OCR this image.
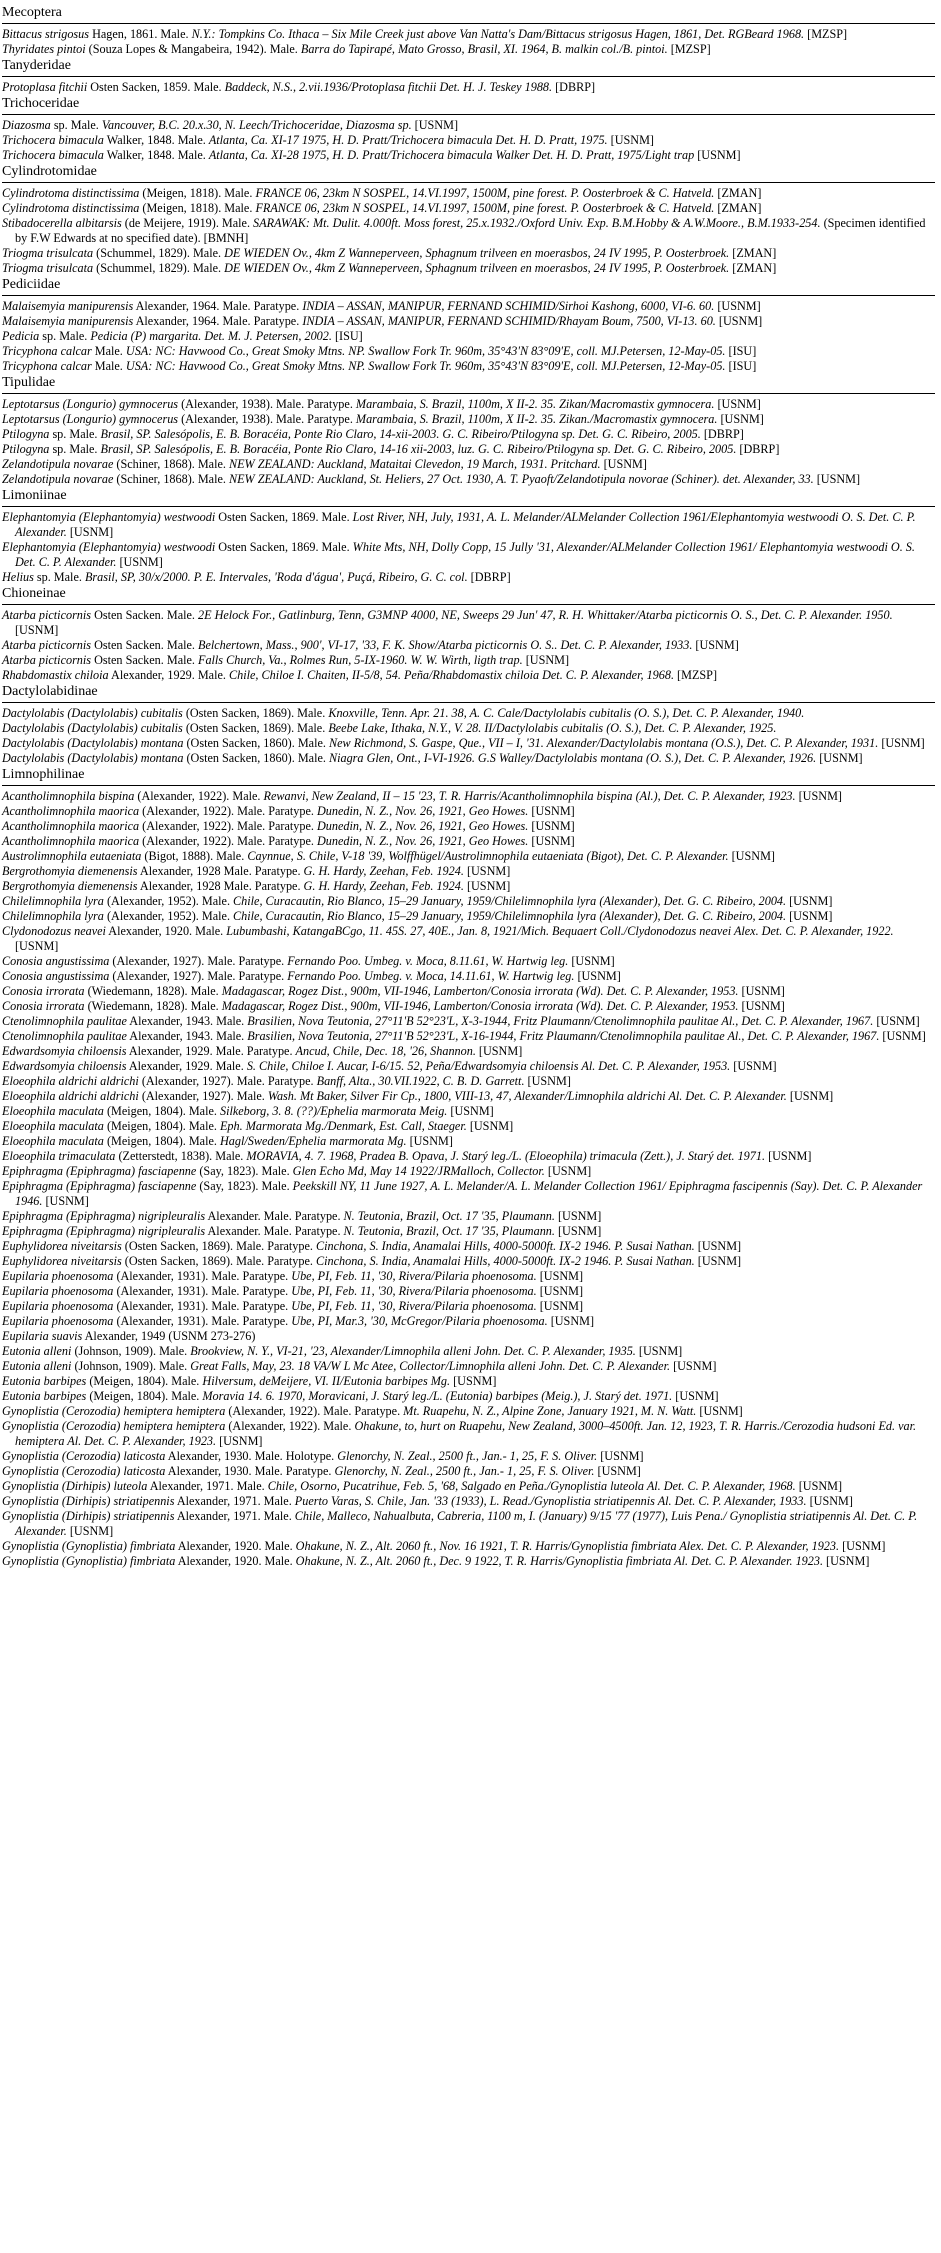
Mecoptera
Bittacus strigosus Hagen, 1861. Male. N.Y.: Tompkins Co. Ithaca – Six Mile Creek just above Van Natta's Dam/Bittacus strigosus Hagen, 1861, Det. RGBeard 1968. [MZSP]
Thyridates pintoi (Souza Lopes & Mangabeira, 1942). Male. Barra do Tapirapé, Mato Grosso, Brasil, XI. 1964, B. malkin col./B. pintoi. [MZSP]
Tanyderidae
Protoplasa fitchii Osten Sacken, 1859. Male. Baddeck, N.S., 2.vii.1936/Protoplasa fitchii Det. H. J. Teskey 1988. [DBRP]
Trichoceridae
Diazosma sp. Male. Vancouver, B.C. 20.x.30, N. Leech/Trichoceridae, Diazosma sp. [USNM]
Trichocera bimacula Walker, 1848. Male. Atlanta, Ca. XI-17 1975, H. D. Pratt/Trichocera bimacula Det. H. D. Pratt, 1975. [USNM]
Trichocera bimacula Walker, 1848. Male. Atlanta, Ca. XI-28 1975, H. D. Pratt/Trichocera bimacula Walker Det. H. D. Pratt, 1975/Light trap [USNM]
Cylindrotomidae
Cylindrotoma distinctissima (Meigen, 1818). Male. FRANCE 06, 23km N SOSPEL, 14.VI.1997, 1500M, pine forest. P. Oosterbroek & C. Hatveld. [ZMAN]
Cylindrotoma distinctissima (Meigen, 1818). Male. FRANCE 06, 23km N SOSPEL, 14.VI.1997, 1500M, pine forest. P. Oosterbroek & C. Hatveld. [ZMAN]
Stibadocerella albitarsis (de Meijere, 1919). Male. SARAWAK: Mt. Dulit. 4.000ft. Moss forest, 25.x.1932./Oxford Univ. Exp. B.M.Hobby & A.W.Moore., B.M.1933-254. (Specimen identified by F.W Edwards at no specified date). [BMNH]
Triogma trisulcata (Schummel, 1829). Male. DE WIEDEN Ov., 4km Z Wanneperveen, Sphagnum trilveen en moerasbos, 24 IV 1995, P. Oosterbroek. [ZMAN]
Triogma trisulcata (Schummel, 1829). Male. DE WIEDEN Ov., 4km Z Wanneperveen, Sphagnum trilveen en moerasbos, 24 IV 1995, P. Oosterbroek. [ZMAN]
Pediciidae
Malaisemyia manipurensis Alexander, 1964. Male. Paratype. INDIA – ASSAN, MANIPUR, FERNAND SCHIMID/Sirhoi Kashong, 6000, VI-6. 60. [USNM]
Malaisemyia manipurensis Alexander, 1964. Male. Paratype. INDIA – ASSAN, MANIPUR, FERNAND SCHIMID/Rhayam Boum, 7500, VI-13. 60. [USNM]
Pedicia sp. Male. Pedicia (P) margarita. Det. M. J. Petersen, 2002. [ISU]
Tricyphona calcar Male. USA: NC: Havwood Co., Great Smoky Mtns. NP. Swallow Fork Tr. 960m, 35°43'N 83°09'E, coll. MJ.Petersen, 12-May-05. [ISU]
Tricyphona calcar Male. USA: NC: Havwood Co., Great Smoky Mtns. NP. Swallow Fork Tr. 960m, 35°43'N 83°09'E, coll. MJ.Petersen, 12-May-05. [ISU]
Tipulidae
Leptotarsus (Longurio) gymnocerus (Alexander, 1938). Male. Paratype. Marambaia, S. Brazil, 1100m, X II-2. 35. Zikan/Macromastix gymnocera. [USNM]
Leptotarsus (Longurio) gymnocerus (Alexander, 1938). Male. Paratype. Marambaia, S. Brazil, 1100m, X II-2. 35. Zikan./Macromastix gymnocera. [USNM]
Ptilogyna sp. Male. Brasil, SP. Salesópolis, E. B. Boracéia, Ponte Rio Claro, 14-xii-2003. G. C. Ribeiro/Ptilogyna sp. Det. G. C. Ribeiro, 2005. [DBRP]
Ptilogyna sp. Male. Brasil, SP. Salesópolis, E. B. Boracéia, Ponte Rio Claro, 14-16 xii-2003, luz. G. C. Ribeiro/Ptilogyna sp. Det. G. C. Ribeiro, 2005. [DBRP]
Zelandotipula novarae (Schiner, 1868). Male. NEW ZEALAND: Auckland, Mataitai Clevedon, 19 March, 1931. Pritchard. [USNM]
Zelandotipula novarae (Schiner, 1868). Male. NEW ZEALAND: Auckland, St. Heliers, 27 Oct. 1930, A. T. Pyaoft/Zelandotipula novorae (Schiner). det. Alexander, 33. [USNM]
Limoniinae
Elephantomyia (Elephantomyia) westwoodi Osten Sacken, 1869. Male. Lost River, NH, July, 1931, A. L. Melander/ALMelander Collection 1961/Elephantomyia westwoodi O. S. Det. C. P. Alexander. [USNM]
Elephantomyia (Elephantomyia) westwoodi Osten Sacken, 1869. Male. White Mts, NH, Dolly Copp, 15 Jully '31, Alexander/ALMelander Collection 1961/ Elephantomyia westwoodi O. S. Det. C. P. Alexander. [USNM]
Helius sp. Male. Brasil, SP, 30/x/2000. P. E. Intervales, 'Roda d'água', Puçá, Ribeiro, G. C. col. [DBRP]
Chioneinae
Atarba picticornis Osten Sacken. Male. 2E Helock For., Gatlinburg, Tenn, G3MNP 4000, NE, Sweeps 29 Jun' 47, R. H. Whittaker/Atarba picticornis O. S., Det. C. P. Alexander. 1950. [USNM]
Atarba picticornis Osten Sacken. Male. Belchertown, Mass., 900', VI-17, '33, F. K. Show/Atarba picticornis O. S.. Det. C. P. Alexander, 1933. [USNM]
Atarba picticornis Osten Sacken. Male. Falls Church, Va., Rolmes Run, 5-IX-1960. W. W. Wirth, ligth trap. [USNM]
Rhabdomastix chiloia Alexander, 1929. Male. Chile, Chiloe I. Chaiten, II-5/8, 54. Peña/Rhabdomastix chiloia Det. C. P. Alexander, 1968. [MZSP]
Dactylolabidinae
Dactylolabis (Dactylolabis) cubitalis (Osten Sacken, 1869). Male. Knoxville, Tenn. Apr. 21. 38, A. C. Cale/Dactylolabis cubitalis (O. S.), Det. C. P. Alexander, 1940.
Dactylolabis (Dactylolabis) cubitalis (Osten Sacken, 1869). Male. Beebe Lake, Ithaka, N.Y., V. 28. II/Dactylolabis cubitalis (O. S.), Det. C. P. Alexander, 1925.
Dactylolabis (Dactylolabis) montana (Osten Sacken, 1860). Male. New Richmond, S. Gaspe, Que., VII – I, '31. Alexander/Dactylolabis montana (O.S.), Det. C. P. Alexander, 1931. [USNM]
Dactylolabis (Dactylolabis) montana (Osten Sacken, 1860). Male. Niagra Glen, Ont., I-VI-1926. G.S Walley/Dactylolabis montana (O. S.), Det. C. P. Alexander, 1926. [USNM]
Limnophilinae
Acantholimnophila bispina (Alexander, 1922). Male. Rewanvi, New Zealand, II – 15 '23, T. R. Harris/Acantholimnophila bispina (Al.), Det. C. P. Alexander, 1923. [USNM]
Acantholimnophila maorica (Alexander, 1922). Male. Paratype. Dunedin, N. Z., Nov. 26, 1921, Geo Howes. [USNM]
Acantholimnophila maorica (Alexander, 1922). Male. Paratype. Dunedin, N. Z., Nov. 26, 1921, Geo Howes. [USNM]
Acantholimnophila maorica (Alexander, 1922). Male. Paratype. Dunedin, N. Z., Nov. 26, 1921, Geo Howes. [USNM]
Austrolimnophila eutaeniata (Bigot, 1888). Male. Caynnue, S. Chile, V-18 '39, Wolffhügel/Austrolimnophila eutaeniata (Bigot), Det. C. P. Alexander. [USNM]
Bergrothomyia diemenensis Alexander, 1928 Male. Paratype. G. H. Hardy, Zeehan, Feb. 1924. [USNM]
Bergrothomyia diemenensis Alexander, 1928 Male. Paratype. G. H. Hardy, Zeehan, Feb. 1924. [USNM]
Chilelimnophila lyra (Alexander, 1952). Male. Chile, Curacautin, Rio Blanco, 15–29 January, 1959/Chilelimnophila lyra (Alexander), Det. G. C. Ribeiro, 2004. [USNM]
Chilelimnophila lyra (Alexander, 1952). Male. Chile, Curacautin, Rio Blanco, 15–29 January, 1959/Chilelimnophila lyra (Alexander), Det. G. C. Ribeiro, 2004. [USNM]
Clydonodozus neavei Alexander, 1920. Male. Lubumbashi, KatangaBCgo, 11. 45S. 27, 40E., Jan. 8, 1921/Mich. Bequaert Coll./Clydonodozus neavei Alex. Det. C. P. Alexander, 1922. [USNM]
Conosia angustissima (Alexander, 1927). Male. Paratype. Fernando Poo. Umbeg. v. Moca, 8.11.61, W. Hartwig leg. [USNM]
Conosia angustissima (Alexander, 1927). Male. Paratype. Fernando Poo. Umbeg. v. Moca, 14.11.61, W. Hartwig leg. [USNM]
Conosia irrorata (Wiedemann, 1828). Male. Madagascar, Rogez Dist., 900m, VII-1946, Lamberton/Conosia irrorata (Wd). Det. C. P. Alexander, 1953. [USNM]
Conosia irrorata (Wiedemann, 1828). Male. Madagascar, Rogez Dist., 900m, VII-1946, Lamberton/Conosia irrorata (Wd). Det. C. P. Alexander, 1953. [USNM]
Ctenolimnophila paulitae Alexander, 1943. Male. Brasilien, Nova Teutonia, 27°11'B 52°23'L, X-3-1944, Fritz Plaumann/Ctenolimnophila paulitae Al., Det. C. P. Alexander, 1967. [USNM]
Ctenolimnophila paulitae Alexander, 1943. Male. Brasilien, Nova Teutonia, 27°11'B 52°23'L, X-16-1944, Fritz Plaumann/Ctenolimnophila paulitae Al., Det. C. P. Alexander, 1967. [USNM]
Edwardsomyia chiloensis Alexander, 1929. Male. Paratype. Ancud, Chile, Dec. 18, '26, Shannon. [USNM]
Edwardsomyia chiloensis Alexander, 1929. Male. S. Chile, Chiloe I. Aucar, I-6/15. 52, Peña/Edwardsomyia chiloensis Al. Det. C. P. Alexander, 1953. [USNM]
Eloeophila aldrichi aldrichi (Alexander, 1927). Male. Paratype. Banff, Alta., 30.VII.1922, C. B. D. Garrett. [USNM]
Eloeophila aldrichi aldrichi (Alexander, 1927). Male. Wash. Mt Baker, Silver Fir Cp., 1800, VIII-13, 47, Alexander/Limnophila aldrichi Al. Det. C. P. Alexander. [USNM]
Eloeophila maculata (Meigen, 1804). Male. Silkeborg, 3. 8. (??)/Ephelia marmorata Meig. [USNM]
Eloeophila maculata (Meigen, 1804). Male. Eph. Marmorata Mg./Denmark, Est. Call, Staeger. [USNM]
Eloeophila maculata (Meigen, 1804). Male. Hagl/Sweden/Ephelia marmorata Mg. [USNM]
Eloeophila trimaculata (Zetterstedt, 1838). Male. MORAVIA, 4. 7. 1968, Pradea B. Opava, J. Starý leg./L. (Eloeophila) trimacula (Zett.), J. Starý det. 1971. [USNM]
Epiphragma (Epiphragma) fasciapenne (Say, 1823). Male. Glen Echo Md, May 14 1922/JRMalloch, Collector. [USNM]
Epiphragma (Epiphragma) fasciapenne (Say, 1823). Male. Peekskill NY, 11 June 1927, A. L. Melander/A. L. Melander Collection 1961/ Epiphragma fascipennis (Say). Det. C. P. Alexander 1946. [USNM]
Epiphragma (Epiphragma) nigripleuralis Alexander. Male. Paratype. N. Teutonia, Brazil, Oct. 17 '35, Plaumann. [USNM]
Epiphragma (Epiphragma) nigripleuralis Alexander. Male. Paratype. N. Teutonia, Brazil, Oct. 17 '35, Plaumann. [USNM]
Euphylidorea niveitarsis (Osten Sacken, 1869). Male. Paratype. Cinchona, S. India, Anamalai Hills, 4000-5000ft. IX-2 1946. P. Susai Nathan. [USNM]
Euphylidorea niveitarsis (Osten Sacken, 1869). Male. Paratype. Cinchona, S. India, Anamalai Hills, 4000-5000ft. IX-2 1946. P. Susai Nathan. [USNM]
Eupilaria phoenosoma (Alexander, 1931). Male. Paratype. Ube, PI, Feb. 11, '30, Rivera/Pilaria phoenosoma. [USNM]
Eupilaria phoenosoma (Alexander, 1931). Male. Paratype. Ube, PI, Feb. 11, '30, Rivera/Pilaria phoenosoma. [USNM]
Eupilaria phoenosoma (Alexander, 1931). Male. Paratype. Ube, PI, Feb. 11, '30, Rivera/Pilaria phoenosoma. [USNM]
Eupilaria phoenosoma (Alexander, 1931). Male. Paratype. Ube, PI, Mar.3, '30, McGregor/Pilaria phoenosoma. [USNM]
Eupilaria suavis Alexander, 1949 (USNM 273-276)
Eutonia alleni (Johnson, 1909). Male. Brookview, N. Y., VI-21, '23, Alexander/Limnophila alleni John. Det. C. P. Alexander, 1935. [USNM]
Eutonia alleni (Johnson, 1909). Male. Great Falls, May, 23. 18 VA/W L Mc Atee, Collector/Limnophila alleni John. Det. C. P. Alexander. [USNM]
Eutonia barbipes (Meigen, 1804). Male. Hilversum, deMeijere, VI. II/Eutonia barbipes Mg. [USNM]
Eutonia barbipes (Meigen, 1804). Male. Moravia 14. 6. 1970, Moravicani, J. Starý leg./L. (Eutonia) barbipes (Meig.), J. Starý det. 1971. [USNM]
Gynoplistia (Cerozodia) hemiptera hemiptera (Alexander, 1922). Male. Paratype. Mt. Ruapehu, N. Z., Alpine Zone, January 1921, M. N. Watt. [USNM]
Gynoplistia (Cerozodia) hemiptera hemiptera (Alexander, 1922). Male. Ohakune, to, hurt on Ruapehu, New Zealand, 3000–4500ft. Jan. 12, 1923, T. R. Harris./Cerozodia hudsoni Ed. var. hemiptera Al. Det. C. P. Alexander, 1923. [USNM]
Gynoplistia (Cerozodia) laticosta Alexander, 1930. Male. Holotype. Glenorchy, N. Zeal., 2500 ft., Jan.- 1, 25, F. S. Oliver. [USNM]
Gynoplistia (Cerozodia) laticosta Alexander, 1930. Male. Paratype. Glenorchy, N. Zeal., 2500 ft., Jan.- 1, 25, F. S. Oliver. [USNM]
Gynoplistia (Dirhipis) luteola Alexander, 1971. Male. Chile, Osorno, Pucatrihue, Feb. 5, '68, Salgado en Peña./Gynoplistia luteola Al. Det. C. P. Alexander, 1968. [USNM]
Gynoplistia (Dirhipis) striatipennis Alexander, 1971. Male. Puerto Varas, S. Chile, Jan. '33 (1933), L. Read./Gynoplistia striatipennis Al. Det. C. P. Alexander, 1933. [USNM]
Gynoplistia (Dirhipis) striatipennis Alexander, 1971. Male. Chile, Malleco, Nahualbuta, Cabreria, 1100 m, I. (January) 9/15 '77 (1977), Luis Pena./ Gynoplistia striatipennis Al. Det. C. P. Alexander. [USNM]
Gynoplistia (Gynoplistia) fimbriata Alexander, 1920. Male. Ohakune, N. Z., Alt. 2060 ft., Nov. 16 1921, T. R. Harris/Gynoplistia fimbriata Alex. Det. C. P. Alexander, 1923. [USNM]
Gynoplistia (Gynoplistia) fimbriata Alexander, 1920. Male. Ohakune, N. Z., Alt. 2060 ft., Dec. 9 1922, T. R. Harris/Gynoplistia fimbriata Al. Det. C. P. Alexander. 1923. [USNM]
